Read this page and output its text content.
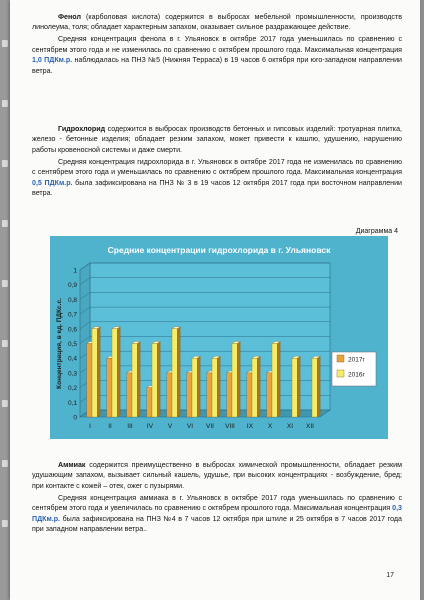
Фенол (карболовая кислота) содержится в выбросах мебельной промышленности, производств линолеума, толя; обладает характерным запахом, оказывает сильное раздражающее действие.

Средняя концентрация фенола в г. Ульяновск в октябре 2017 года уменьшилась по сравнению с сентябрем этого года и не изменилась по сравнению с октябрем прошлого года. Максимальная концентрация 1,0 ПДКм.р. наблюдалась на ПНЗ №5 (Нижняя Терраса) в 19 часов 6 октября при юго-западном направлении ветра.

Гидрохлорид содержится в выбросах производств бетонных и гипсовых изделий: тротуарная плитка, железо - бетонные изделия; обладает резким запахом, может привести к кашлю, удушению, нарушению работы кровеносной системы и даже смерти.

Средняя концентрация гидрохлорида в г. Ульяновск в октябре 2017 года не изменилась по сравнению с сентябрем этого года и уменьшилась по сравнению с октябрем прошлого года. Максимальная концентрация 0,5 ПДКм.р. была зафиксирована на ПНЗ № 3 в 19 часов 12 октября 2017 года при восточном направлении ветра.

Диаграмма 4
Средние концентрации гидрохлорида в г. Ульяновск
0
0,1
0,2
0,3
0,4
0,5
0,6
0,7
0,8
0,9
1
Концентрация, в ед. ПДКс.с.
I	II III IV V VI VII VIII IX X XI XII
2017г
2016г

Аммиак содержится преимущественно в выбросах химической промышленности, обладает резким удушающим запахом, вызывает сильный кашель, удушье, при высоких концентрациях - возбуждение, бред; при контакте с кожей – отек, ожег с пузырями.

Средняя концентрация аммиака в г. Ульяновск в октябре 2017 года уменьшилась по сравнению с сентябрем этого года и увеличилась по сравнению с октябрем прошлого года. Максимальная концентрация 0,3 ПДКм.р. была зафиксирована на ПНЗ №4 в 7 часов 12 октября при штиле и 25 октября в 7 часов 2017 года при западном направлении ветра..

17
